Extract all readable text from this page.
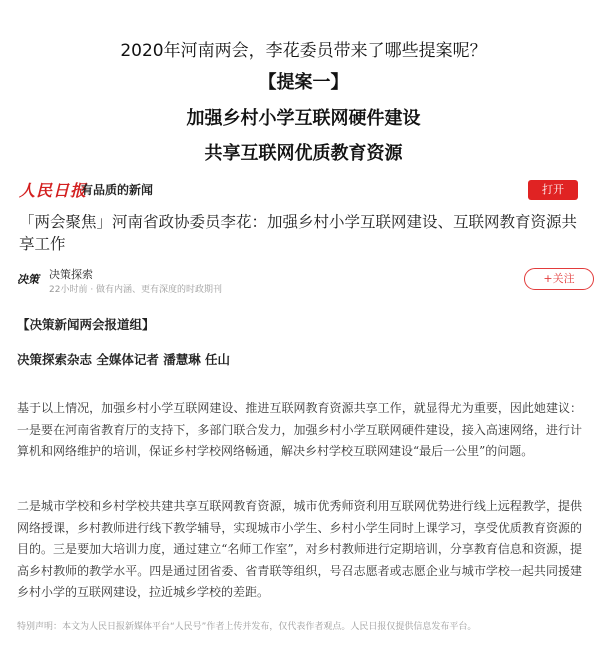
2020年河南两会，李花委员带来了哪些提案呢？
【提案一】
加强乡村小学互联网硬件建设
共享互联网优质教育资源
人民日报
有品质的新闻	打开
「两会聚焦」河南省政协委员李花：加强乡村小学互联网建设、互联网教育资源共享工作
决策 决策探索
22小时前 · 做有内涵、更有深度的时政期刊
+关注
【决策新闻两会报道组】
决策探索杂志 全媒体记者 潘慧琳 任山
基于以上情况，加强乡村小学互联网建设、推进互联网教育资源共享工作，就显得尤为重要，因此她建议：一是要在河南省教育厅的支持下，多部门联合发力，加强乡村小学互联网硬件建设，接入高速网络，进行计算机和网络维护的培训，保证乡村学校网络畅通，解决乡村学校互联网建设“最后一公里”的问题。
二是城市学校和乡村学校共建共享互联网教育资源，城市优秀师资利用互联网优势进行线上远程教学，提供网络授课，乡村教师进行线下教学辅导，实现城市小学生、乡村小学生同时上课学习，享受优质教育资源的目的。三是要加大培训力度，通过建立“名师工作室”，对乡村教师进行定期培训，分享教育信息和资源，提高乡村教师的教学水平。四是通过团省委、省青联等组织，号召志愿者或志愿企业与城市学校一起共同援建乡村小学的互联网建设，拉近城乡学校的差距。
特别声明：本文为人民日报新媒体平台“人民号”作者上传并发布，仅代表作者观点。人民日报仅提供信息发布平台。
